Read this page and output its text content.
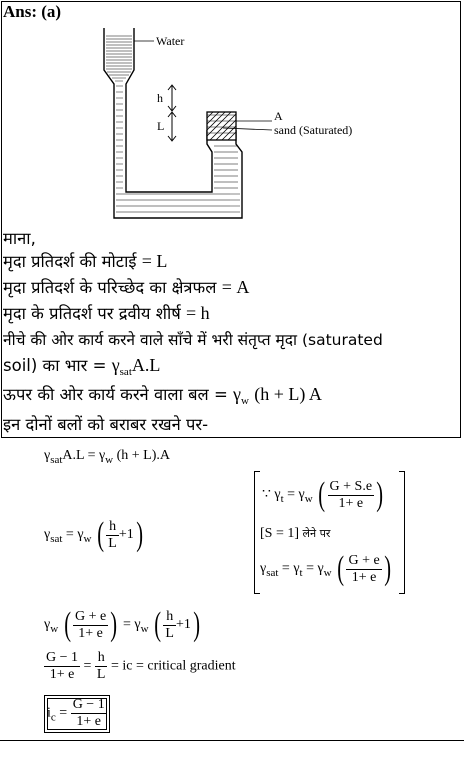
Ans: (a)
Water
h
L
A
sand (Saturated)
माना,
मृदा प्रतिदर्श की मोटाई = L
मृदा प्रतिदर्श के परिच्छेद का क्षेत्रफल = A
मृदा के प्रतिदर्श पर द्रवीय शीर्ष = h
नीचे की ओर कार्य करने वाले साँचे में भरी संतृप्त मृदा (saturated
soil) का भार = $\gamma_{sat}A.L$
ऊपर की ओर कार्य करने वाला बल = $\gamma_w$ (h + L) A
इन दोनों बलों को बराबर रखने पर-
$\gamma_{sat}A.L = \gamma_w$ (h + L).A
$\gamma_{sat} = \gamma_w$ ( $\frac{h}{L} +1$)
∵ $\gamma_t = \gamma_w$ ( $\frac{G + S.e}{1+ e}$ )
[S = 1] लेने पर
$\gamma_{sat} = \gamma_t = \gamma_w$ ( $\frac{G + e}{1+ e}$ )
$\gamma_w$ ( $\frac{G + e}{1+ e}$ ) = $\gamma_w$ ( $\frac{h}{L} +1$)
$\frac{G - 1}{1+ e} = \frac{h}{L}$ = ic = critical gradient
$i_c = \frac{G - 1}{1+ e}$
